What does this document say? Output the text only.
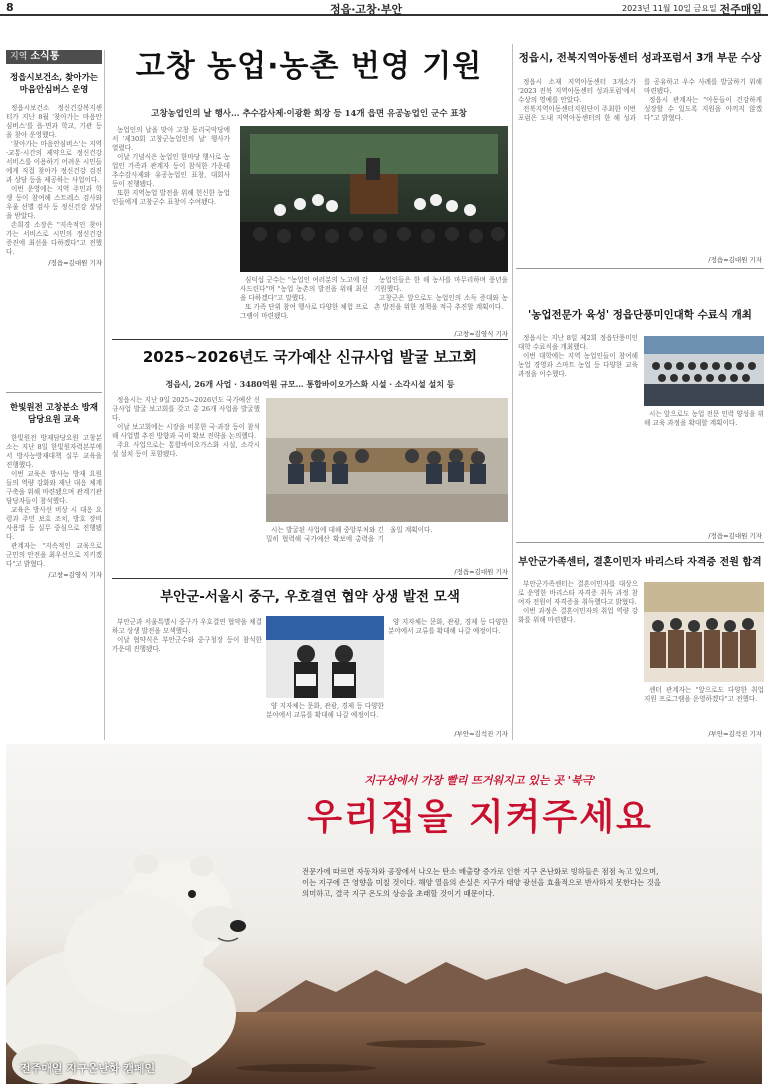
8	정읍·고창·부안	2023년 11월 10일 금요일 전주매일
지역 소식통
정읍시보건소, 찾아가는 마음안심버스 운영

정읍시보건소 정신건강복지센터가 지난 8월 '찾아가는 마음안심버스'를 읍·면과 학교, 기관 등을 찾아 운영했다.

'찾아가는 마음안심버스'는 지역·교통·시간의 제약으로 정신건강 서비스를 이용하기 어려운 시민들에게 직접 찾아가 정신건강 검진과 상담 등을 제공하는 사업이다.

이번 운영에는 지역 주민과 학생 등이 참여해 스트레스 검사와 우울 선별 검사 등 정신건강 상담을 받았다.

손희경 소장은 "지속적인 찾아가는 서비스로 시민의 정신건강 증진에 최선을 다하겠다"고 전했다.

/정읍=김대원 기자
한빛원전 고창분소 방재담당요원 교육

한빛원전 방재담당요원 고창분소는 지난 8일 한빛원자력본부에서 방사능방재대책 실무 교육을 진행했다.

이번 교육은 방사능 방재 요원들의 역량 강화와 재난 대응 체계 구축을 위해 마련됐으며 관계기관 담당자들이 참석했다.

교육은 방사선 비상 시 대응 요령과 주민 보호 조치, 방호 장비 사용법 등 실무 중심으로 진행됐다.

관계자는 "지속적인 교육으로 군민의 안전을 최우선으로 지키겠다"고 밝혔다.

/고창=김영식 기자
고창 농업·농촌 번영 기원
고창농업인의 날 행사… 추수감사제·이광환 회장 등 14개 읍면 유공농업인 군수 표창

농업인의 날을 맞아 고창 동리국악당에서 '제30회 고창군농업인의 날' 행사가 열렸다.

이날 기념식은 농업인 한마당 행사로 농업인 가족과 관계자 등이 참석한 가운데 추수감사제와 유공농업인 표창, 대회사 등이 진행됐다.

또한 지역농업 발전을 위해 헌신한 농업인들에게 고창군수 표창이 수여됐다.

심덕섭 군수는 "농업인 여러분의 노고에 감사드린다"며 "농업 농촌의 발전을 위해 최선을 다하겠다"고 말했다.

또 가족 단위 참여 행사로 다양한 체험 프로그램이 마련됐다.

농업인들은 한 해 농사를 마무리하며 풍년을 기원했다.

고창군은 앞으로도 농업인의 소득 증대와 농촌 발전을 위한 정책을 적극 추진할 계획이다.

/고창=김영식 기자
2025~2026년도 국가예산 신규사업 발굴 보고회
정읍시, 26개 사업 · 3480억원 규모… 통합바이오가스화 시설 · 소각시설 설치 등

정읍시는 지난 9일 2025~2026년도 국가예산 신규사업 발굴 보고회를 갖고 총 26개 사업을 발굴했다.

이날 보고회에는 시장을 비롯한 국·과장 등이 참석해 사업별 추진 방향과 국비 확보 전략을 논의했다.

주요 사업으로는 통합바이오가스화 시설, 소각시설 설치 등이 포함됐다.

시는 발굴된 사업에 대해 중앙부처와 긴밀히 협력해 국가예산 확보에 총력을 기울일 계획이다.

/정읍=김대원 기자
부안군-서울시 중구, 우호결연 협약 상생 발전 모색

부안군과 서울특별시 중구가 우호결연 협약을 체결하고 상생 발전을 모색했다.

이날 협약식은 부안군수와 중구청장 등이 참석한 가운데 진행됐다.

양 지자체는 문화, 관광, 경제 등 다양한 분야에서 교류를 확대해 나갈 예정이다.

양 지자체는 문화, 관광, 경제 등 다양한 분야에서 교류를 확대해 나갈 예정이다.

/부안=김석진 기자
정읍시, 전북지역아동센터 성과포럼서 3개 부문 수상

정읍시 소재 지역아동센터 3개소가 '2023 전북 지역아동센터 성과포럼'에서 수상의 영예를 안았다.

전북지역아동센터지원단이 주최한 이번 포럼은 도내 지역아동센터의 한 해 성과를 공유하고 우수 사례를 발굴하기 위해 마련됐다.

정읍시 관계자는 "아동들이 건강하게 성장할 수 있도록 지원을 아끼지 않겠다"고 밝혔다.

/정읍=김대원 기자
'농업전문가 육성' 정읍단풍미인대학 수료식 개최

정읍시는 지난 8일 제2회 정읍단풍미인대학 수료식을 개최했다.

이번 대학에는 지역 농업인들이 참여해 농업 경영과 스마트 농업 등 다양한 교육 과정을 이수했다.

시는 앞으로도 농업 전문 인력 양성을 위해 교육 과정을 확대할 계획이다.

/정읍=김대원 기자
부안군가족센터, 결혼이민자 바리스타 자격증 전원 합격

부안군가족센터는 결혼이민자를 대상으로 운영한 바리스타 자격증 취득 과정 참여자 전원이 자격증을 취득했다고 밝혔다.

이번 과정은 결혼이민자의 취업 역량 강화를 위해 마련됐다.

센터 관계자는 "앞으로도 다양한 취업 지원 프로그램을 운영하겠다"고 전했다.

/부안=김석진 기자
지구상에서 가장 빨리 뜨거워지고 있는 곳 '북극'
우리집을 지켜주세요
전문가에 따르면 자동차와 공장에서 나오는 탄소 배출량 증가로 인한 지구 온난화로 빙하들은 점점 녹고 있으며, 이는 지구에 큰 영향을 미칠 것이다. 해양 열음의 손실은 지구가 태양 광선을 효율적으로 반사하지 못한다는 것을 의미하고, 결국 지구 온도의 상승을 초래할 것이기 때문이다.
전주매일 지구온난화 캠페인
